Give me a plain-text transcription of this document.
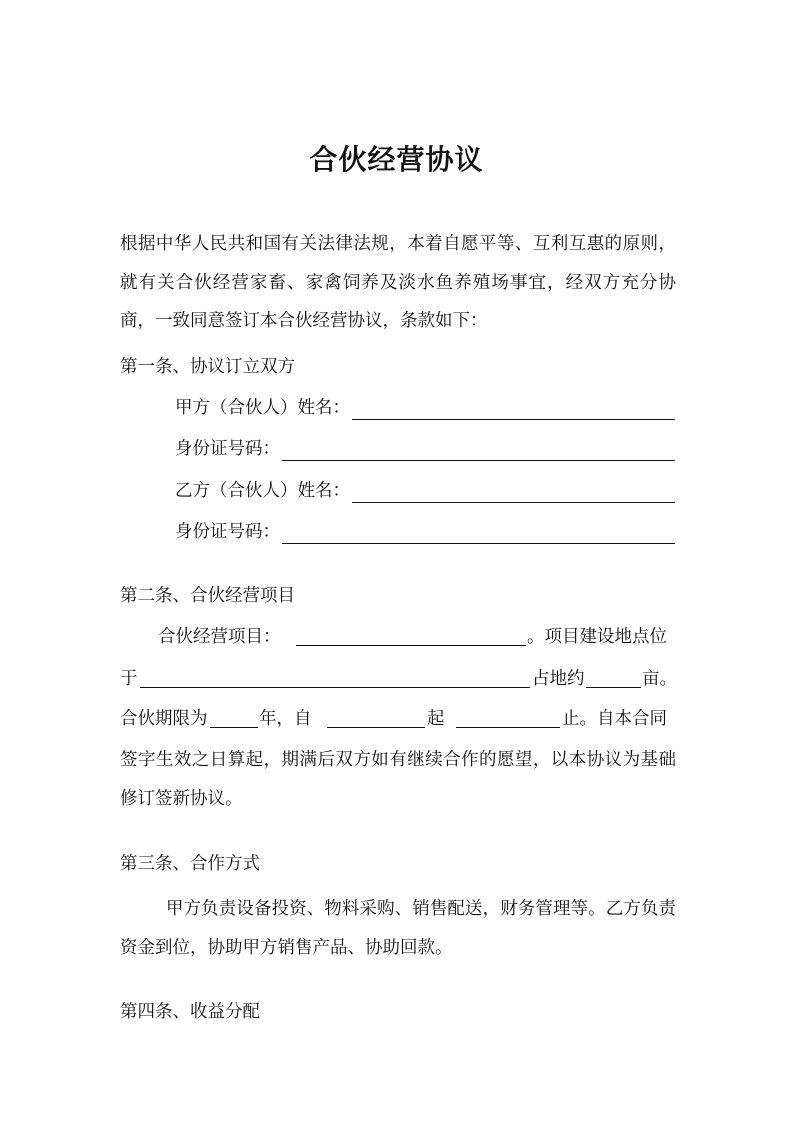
合伙经营协议
根据中华人民共和国有关法律法规，本着自愿平等、互利互惠的原则，就有关合伙经营家畜、家禽饲养及淡水鱼养殖场事宜，经双方充分协商，一致同意签订本合伙经营协议，条款如下：
第一条、协议订立双方
甲方（合伙人）姓名：
身份证号码：
乙方（合伙人）姓名：
身份证号码：
第二条、合伙经营项目
合伙经营项目：	。项目建设地点位
于	占地约	亩。
合伙期限为	年，自	起	止。自本合同
签字生效之日算起，期满后双方如有继续合作的愿望，以本协议为基础修订签新协议。
第三条、合作方式
甲方负责设备投资、物料采购、销售配送，财务管理等。乙方负责资金到位，协助甲方销售产品、协助回款。
第四条、收益分配
